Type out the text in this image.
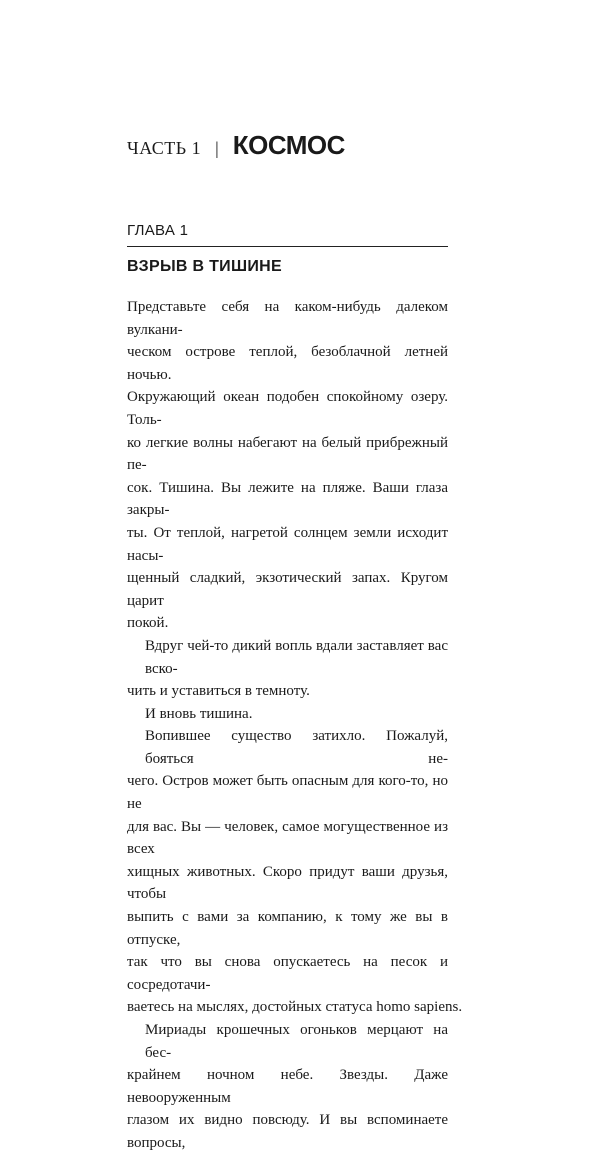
ЧАСТЬ 1 | КОСМОС
ГЛАВА 1
ВЗРЫВ В ТИШИНЕ
Представьте себя на каком-нибудь далеком вулкани-
ческом острове теплой, безоблачной летней ночью.
Окружающий океан подобен спокойному озеру. Толь-
ко легкие волны набегают на белый прибрежный пе-
сок. Тишина. Вы лежите на пляже. Ваши глаза закры-
ты. От теплой, нагретой солнцем земли исходит насы-
щенный сладкий, экзотический запах. Кругом царит
покой.
Вдруг чей-то дикий вопль вдали заставляет вас вско-
чить и уставиться в темноту.
И вновь тишина.
Вопившее существо затихло. Пожалуй, бояться не-
чего. Остров может быть опасным для кого-то, но не
для вас. Вы — человек, самое могущественное из всех
хищных животных. Скоро придут ваши друзья, чтобы
выпить с вами за компанию, к тому же вы в отпуске,
так что вы снова опускаетесь на песок и сосредотачи-
ваетесь на мыслях, достойных статуса homo sapiens.
Мириады крошечных огоньков мерцают на бес-
крайнем ночном небе. Звезды. Даже невооруженным
глазом их видно повсюду. И вы вспоминаете вопросы,
